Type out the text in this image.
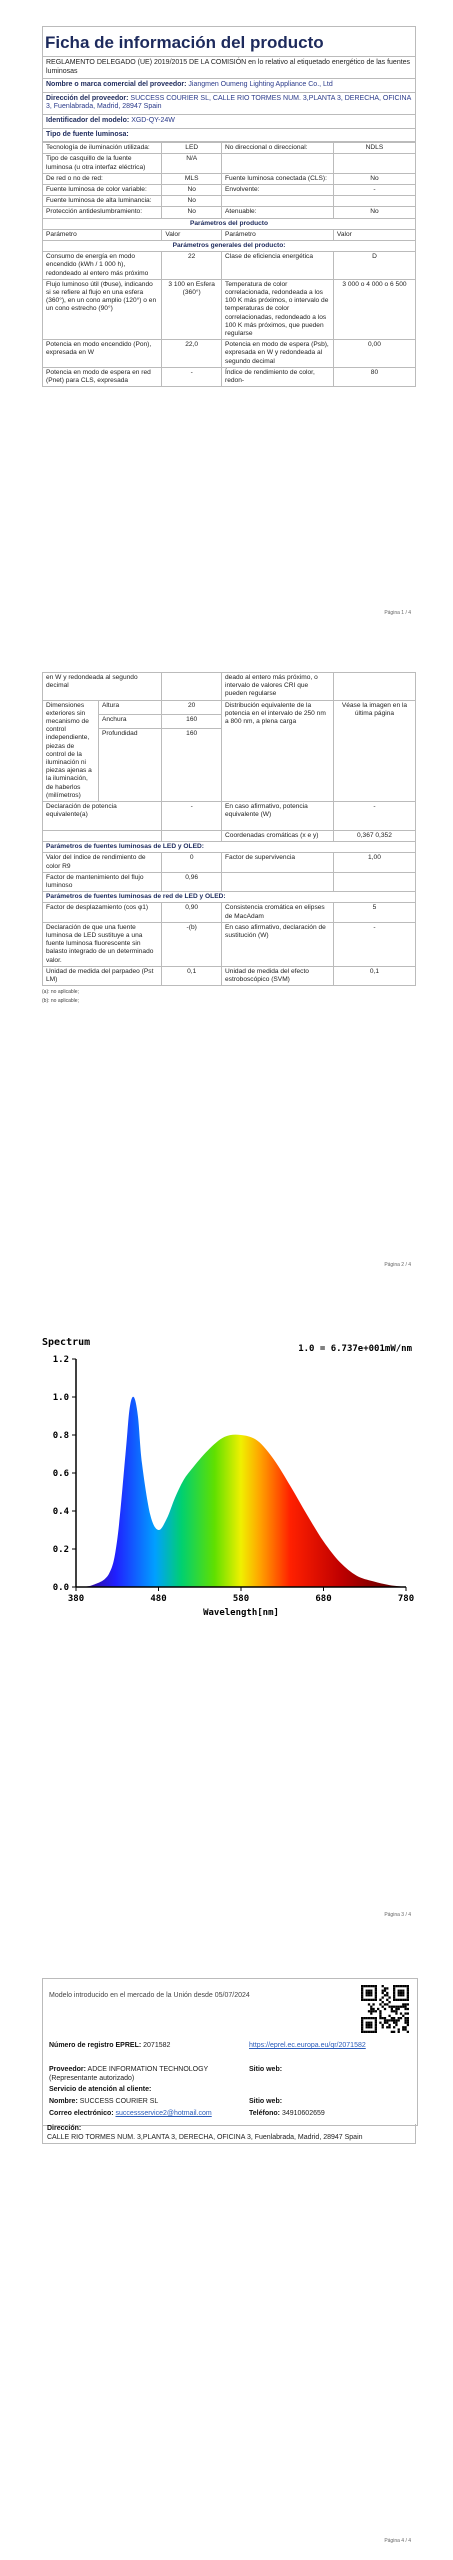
Ficha de información del producto
REGLAMENTO DELEGADO (UE) 2019/2015 DE LA COMISIÓN en lo relativo al etiquetado energético de las fuentes luminosas
Nombre o marca comercial del proveedor: Jiangmen Oumeng Lighting Appliance Co., Ltd
Dirección del proveedor: SUCCESS COURIER SL, CALLE RIO TORMES NUM. 3,PLANTA 3, DERECHA, OFICINA 3, Fuenlabrada, Madrid, 28947 Spain
Identificador del modelo: XGD-QY-24W
Tipo de fuente luminosa:
Tecnología de iluminación utilizada:	LED	No direccional o direccional:	NDLS
Tipo de casquillo de la fuente luminosa (u otra interfaz eléctrica)	N/A		
De red o no de red:	MLS	Fuente luminosa conectada (CLS):	No
Fuente luminosa de color variable:	No	Envolvente:	-
Fuente luminosa de alta luminancia:	No		
Protección antideslumbramiento:	No	Atenuable:	No
Parámetros del producto			
Parámetro	Valor	Parámetro	Valor
Parámetros generales del producto:			
Consumo de energía en modo encendido (kWh / 1 000 h), redondeado al entero más próximo	22	Clase de eficiencia energética	D
Flujo luminoso útil (Φuse), indicando si se refiere al flujo en una esfera (360°), en un cono amplio (120°) o en un cono estrecho (90°)	3 100 en Esfera (360°)	Temperatura de color correlacionada, redondeada a los 100 K más próximos, o intervalo de temperaturas de color correlacionadas, redondeado a los 100 K más próximos, que pueden regularse	3 000 o 4 000 o 6 500
Potencia en modo encendido (Pon), expresada en W	22,0	Potencia en modo de espera (Psb), expresada en W y redondeada al segundo decimal	0,00
Potencia en modo de espera en red (Pnet) para CLS, expresada	-	Índice de rendimiento de color, redon-	80
Página 1 / 4
en W y redondeada al segundo decimal			deado al entero más próximo, o intervalo de valores CRI que pueden regularse	
Dimensiones exteriores sin mecanismo de control independiente, piezas de control de la iluminación ni piezas ajenas a la iluminación, de haberlos (milímetros)	Altura	20	Distribución equivalente de la potencia en el intervalo de 250 nm a 800 nm, a plena carga	Véase la imagen en la última página
	Anchura	160		
	Profundidad	160		
Declaración de potencia equivalente(a)		-	En caso afirmativo, potencia equivalente (W)	-
			Coordenadas cromáticas (x e y)	0,367 0,352
Parámetros de fuentes luminosas de LED y OLED:				
Valor del índice de rendimiento de color R9		0	Factor de supervivencia	1,00
Factor de mantenimiento del flujo luminoso		0,96		
Parámetros de fuentes luminosas de red de LED y OLED:				
Factor de desplazamiento (cos φ1)		0,90	Consistencia cromática en elipses de MacAdam	5
Declaración de que una fuente luminosa de LED sustituye a una fuente luminosa fluorescente sin balasto integrado de un determinado valor.		-(b)	En caso afirmativo, declaración de sustitución (W)	-
Unidad de medida del parpadeo (Pst LM)		0,1	Unidad de medida del efecto estroboscópico (SVM)	0,1
(a): no aplicable;
(b): no aplicable;
Página 2 / 4
380	480	580	680	780
0.0
0.2
0.4
0.6
0.8
1.0
1.2
Spectrum
1.0 = 6.737e+001mW/nm
Wavelength[nm]
Página 3 / 4
Modelo introducido en el mercado de la Unión desde 05/07/2024
Número de registro EPREL: 2071582	https://eprel.ec.europa.eu/qr/2071582
Proveedor: ADCE INFORMATION TECHNOLOGY (Representante autorizado)
Sitio web:
Servicio de atención al cliente:
Nombre: SUCCESS COURIER SL	Sitio web:
Correo electrónico: successservice2@hotmail.com	Teléfono: 34910602659
Dirección:
CALLE RIO TORMES NUM. 3,PLANTA 3, DERECHA, OFICINA 3, Fuenlabrada, Madrid, 28947 Spain
Página 4 / 4
